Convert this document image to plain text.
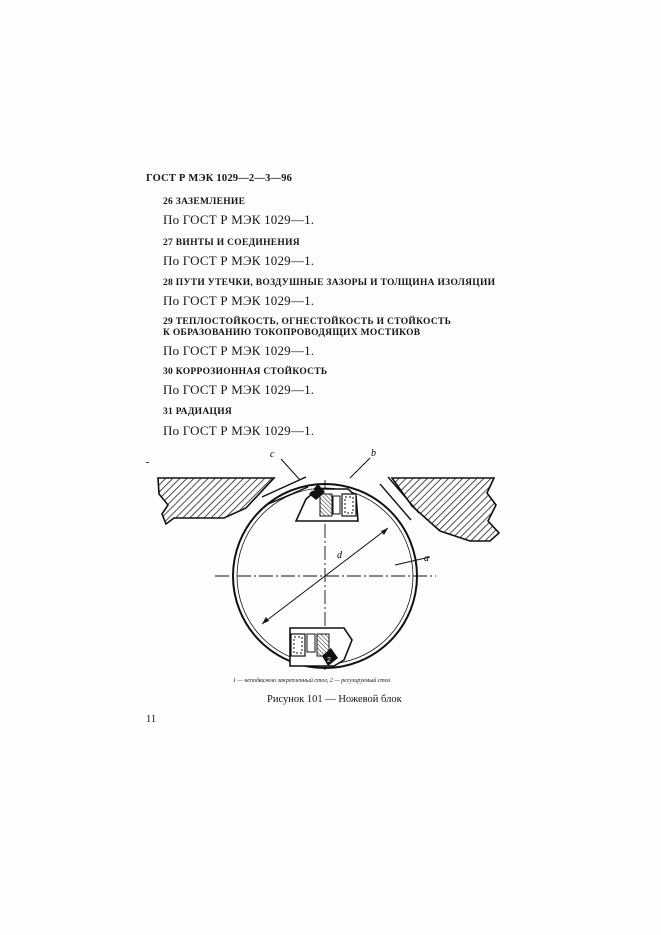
ГОСТ Р МЭК 1029—2—3—96
26 ЗАЗЕМЛЕНИЕ
По ГОСТ Р МЭК 1029—1.
27 ВИНТЫ И СОЕДИНЕНИЯ
По ГОСТ Р МЭК 1029—1.
28 ПУТИ УТЕЧКИ, ВОЗДУШНЫЕ ЗАЗОРЫ И ТОЛЩИНА ИЗОЛЯЦИИ
По ГОСТ Р МЭК 1029—1.
29 ТЕПЛОСТОЙКОСТЬ, ОГНЕСТОЙКОСТЬ И СТОЙКОСТЬ
К ОБРАЗОВАНИЮ ТОКОПРОВОДЯЩИХ МОСТИКОВ
По ГОСТ Р МЭК 1029—1.
30 КОРРОЗИОННАЯ СТОЙКОСТЬ
По ГОСТ Р МЭК 1029—1.
31 РАДИАЦИЯ
По ГОСТ Р МЭК 1029—1.
c	b
d	a
1
2
1 — неподвижно закрепленный стол, 2 — регулируемый стол
Рисунок 101 — Ножевой блок
11
